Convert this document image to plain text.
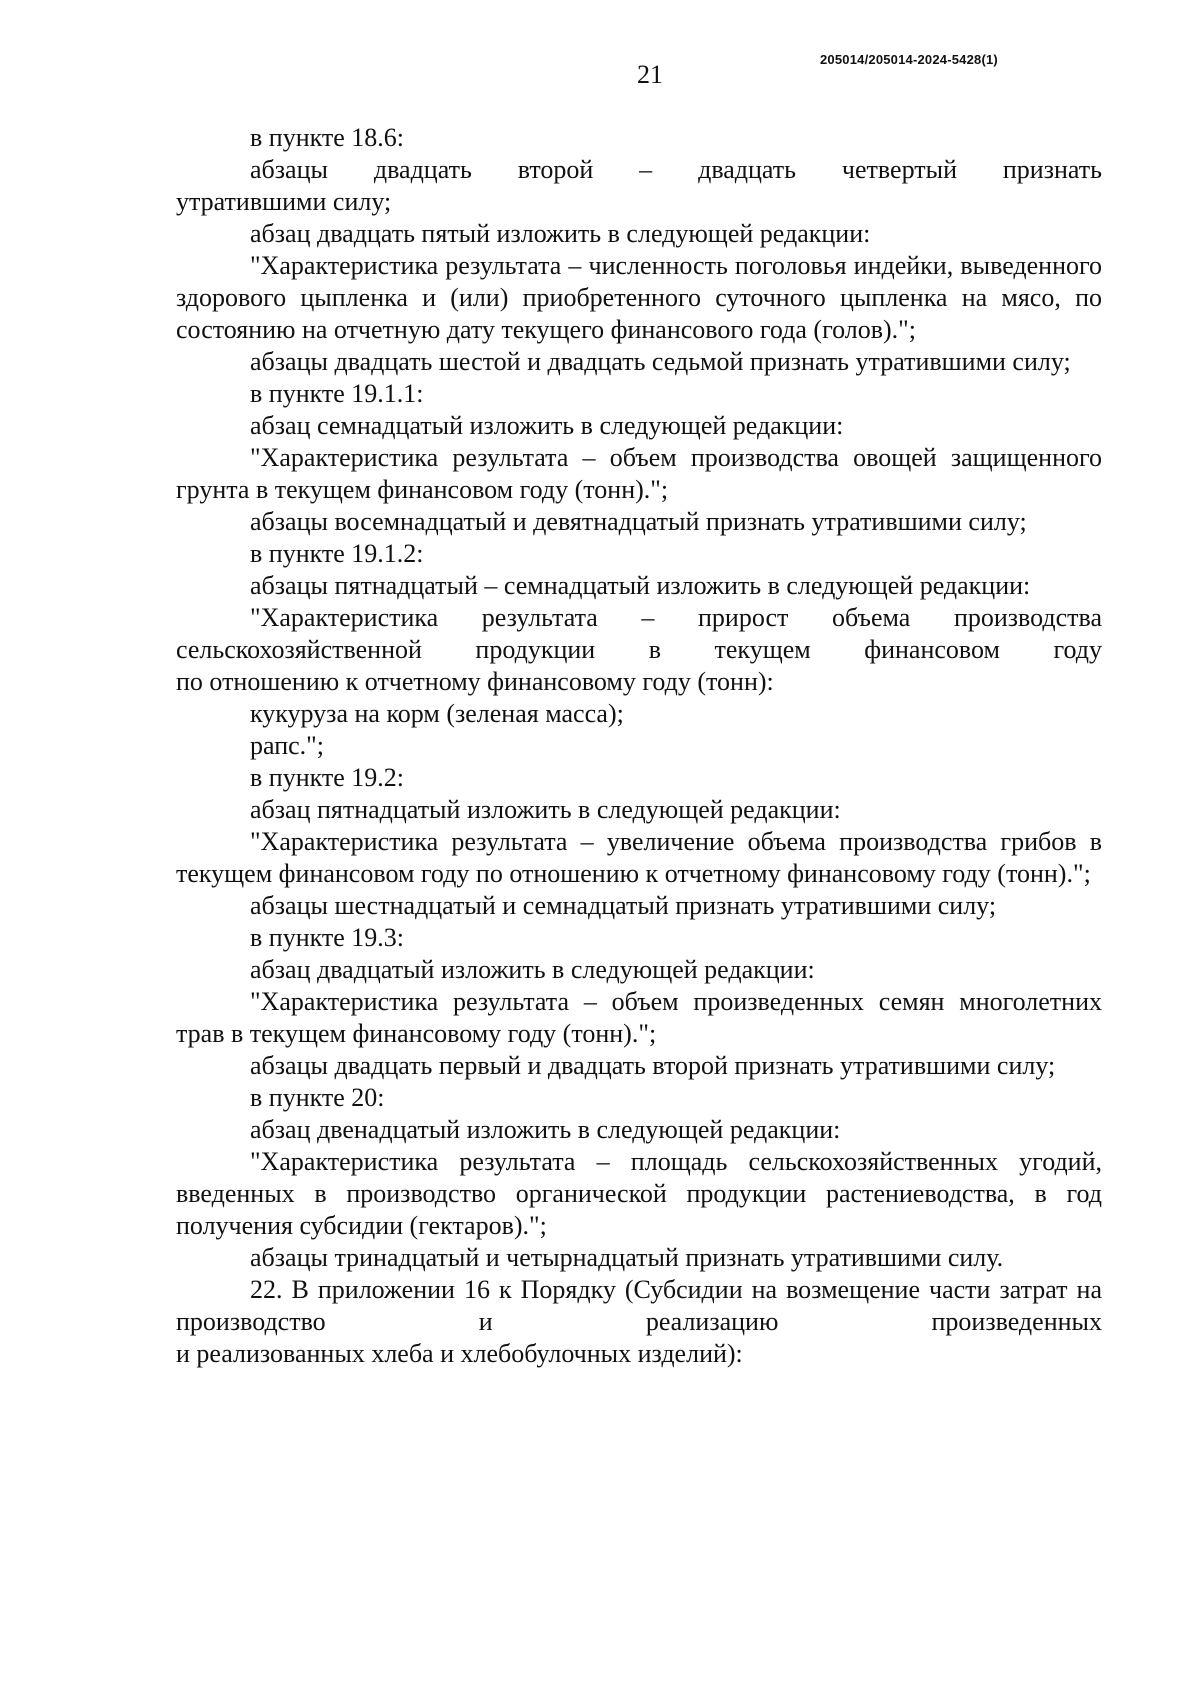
205014/205014-2024-5428(1)
21

в пункте 18.6:

абзацы двадцать второй – двадцать четвертый признать

утратившими силу;

абзац двадцать пятый изложить в следующей редакции:

"Характеристика результата – численность поголовья индейки, выведенного здорового цыпленка и (или) приобретенного суточного цыпленка на мясо, по состоянию на отчетную дату текущего финансового года (голов).";

абзацы двадцать шестой и двадцать седьмой признать утратившими силу;

в пункте 19.1.1:

абзац семнадцатый изложить в следующей редакции:

"Характеристика результата – объем производства овощей защищенного грунта в текущем финансовом году (тонн).";

абзацы восемнадцатый и девятнадцатый признать утратившими силу;

в пункте 19.1.2:

абзацы пятнадцатый – семнадцатый изложить в следующей редакции:

"Характеристика результата – прирост объема производства сельскохозяйственной продукции в текущем финансовом году

по отношению к отчетному финансовому году (тонн):

кукуруза на корм (зеленая масса);

рапс.";

в пункте 19.2:

абзац пятнадцатый изложить в следующей редакции:

"Характеристика результата – увеличение объема производства грибов в текущем финансовом году по отношению к отчетному финансовому году (тонн).";

абзацы шестнадцатый и семнадцатый признать утратившими силу;

в пункте 19.3:

абзац двадцатый изложить в следующей редакции:

"Характеристика результата – объем произведенных семян многолетних трав в текущем финансовому году (тонн).";

абзацы двадцать первый и двадцать второй признать утратившими силу;

в пункте 20:

абзац двенадцатый изложить в следующей редакции:

"Характеристика результата – площадь сельскохозяйственных угодий, введенных в производство органической продукции растениеводства, в год получения субсидии (гектаров).";

абзацы тринадцатый и четырнадцатый признать утратившими силу.

22. В приложении 16 к Порядку (Субсидии на возмещение части затрат на производство и реализацию произведенных

и реализованных хлеба и хлебобулочных изделий):
